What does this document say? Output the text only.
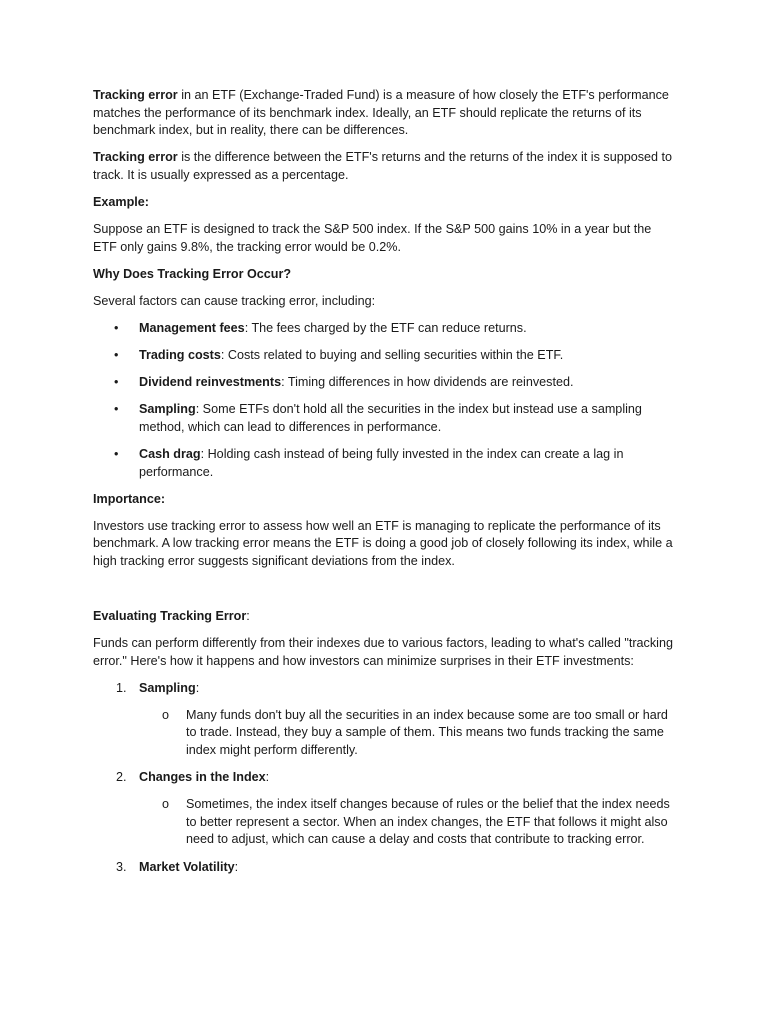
Tracking error in an ETF (Exchange-Traded Fund) is a measure of how closely the ETF's performance matches the performance of its benchmark index. Ideally, an ETF should replicate the returns of its benchmark index, but in reality, there can be differences.

Tracking error is the difference between the ETF's returns and the returns of the index it is supposed to track. It is usually expressed as a percentage.

Example:

Suppose an ETF is designed to track the S&P 500 index. If the S&P 500 gains 10% in a year but the ETF only gains 9.8%, the tracking error would be 0.2%.

Why Does Tracking Error Occur?

Several factors can cause tracking error, including:

• Management fees: The fees charged by the ETF can reduce returns.
• Trading costs: Costs related to buying and selling securities within the ETF.
• Dividend reinvestments: Timing differences in how dividends are reinvested.
• Sampling: Some ETFs don't hold all the securities in the index but instead use a sampling method, which can lead to differences in performance.
• Cash drag: Holding cash instead of being fully invested in the index can create a lag in performance.

Importance:

Investors use tracking error to assess how well an ETF is managing to replicate the performance of its benchmark. A low tracking error means the ETF is doing a good job of closely following its index, while a high tracking error suggests significant deviations from the index.

Evaluating Tracking Error:

Funds can perform differently from their indexes due to various factors, leading to what's called "tracking error." Here's how it happens and how investors can minimize surprises in their ETF investments:

1. Sampling:
o Many funds don't buy all the securities in an index because some are too small or hard to trade. Instead, they buy a sample of them. This means two funds tracking the same index might perform differently.
2. Changes in the Index:
o Sometimes, the index itself changes because of rules or the belief that the index needs to better represent a sector. When an index changes, the ETF that follows it might also need to adjust, which can cause a delay and costs that contribute to tracking error.
3. Market Volatility:
